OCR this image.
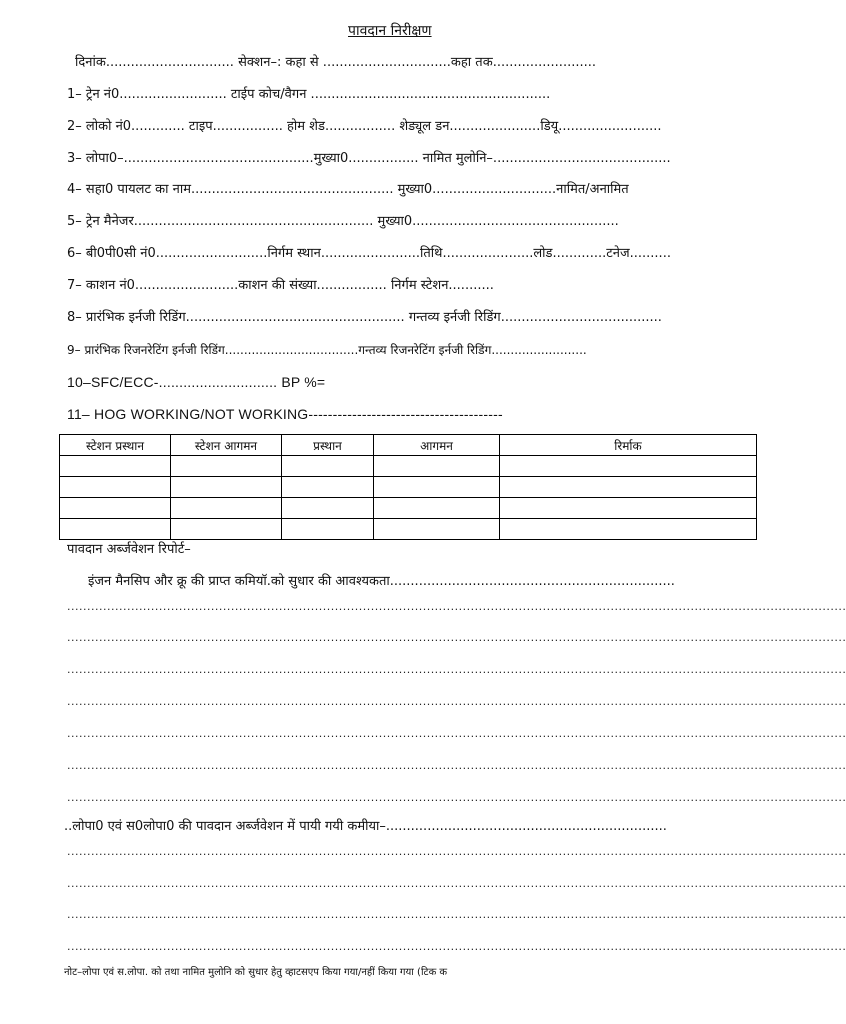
पावदान निरीक्षण
दिनांक............................... सेक्शन–: कहा से ...............................कहा तक.........................
1– ट्रेन नं0.......................... टाईप कोच/वैगन ..........................................................
2– लोको नं0............. टाइप................. होम शेड................. शेड्यूल डन......................डियू.........................
3– लोपा0–..............................................मुख्या0................. नामित मुलोनि–...........................................
4– सहा0 पायलट का नाम................................................. मुख्या0..............................नामित/अनामित
5– ट्रेन मैनेजर.......................................................... मुख्या0..................................................
6– बी0पी0सी नं0...........................निर्गम स्थान........................तिथि......................लोड.............टनेज..........
7– काशन नं0.........................काशन की संख्या................. निर्गम स्टेशन...........
8– प्रारंभिक इर्नजी रिडिंग..................................................... गन्तव्य इर्नजी रिडिंग.......................................
9– प्रारंभिक रिजनरेटिंग इर्नजी रिडिंग...................................गन्तव्य रिजनरेटिंग इर्नजी रिडिंग.........................
10–SFC/ECC-............................. BP %=
11– HOG WORKING/NOT WORKING----------------------------------------
स्टेशन प्रस्थान	स्टेशन आगमन	प्रस्थान	आगमन	रिर्माक

पावदान अर्ब्जवेशन रिपोर्ट–
इंजन मैनसिप और क्रू की प्राप्त कमियॉ.को सुधार की आवश्यकता.....................................................................
...................................................................................................................................................................................................
...................................................................................................................................................................................................
...................................................................................................................................................................................................
...................................................................................................................................................................................................
...................................................................................................................................................................................................
...................................................................................................................................................................................................
...................................................................................................................................................................................................
..लोपा0 एवं स0लोपा0 की पावदान अर्ब्जवेशन में पायी गयी कमीया–....................................................................
...................................................................................................................................................................................................
...................................................................................................................................................................................................
...................................................................................................................................................................................................
...................................................................................................................................................................................................
नोट–लोपा एवं स.लोपा. को तथा नामित मुलोनि को सुधार हेतु व्हाटसएप किया गया/नहीं किया गया (टिक क
